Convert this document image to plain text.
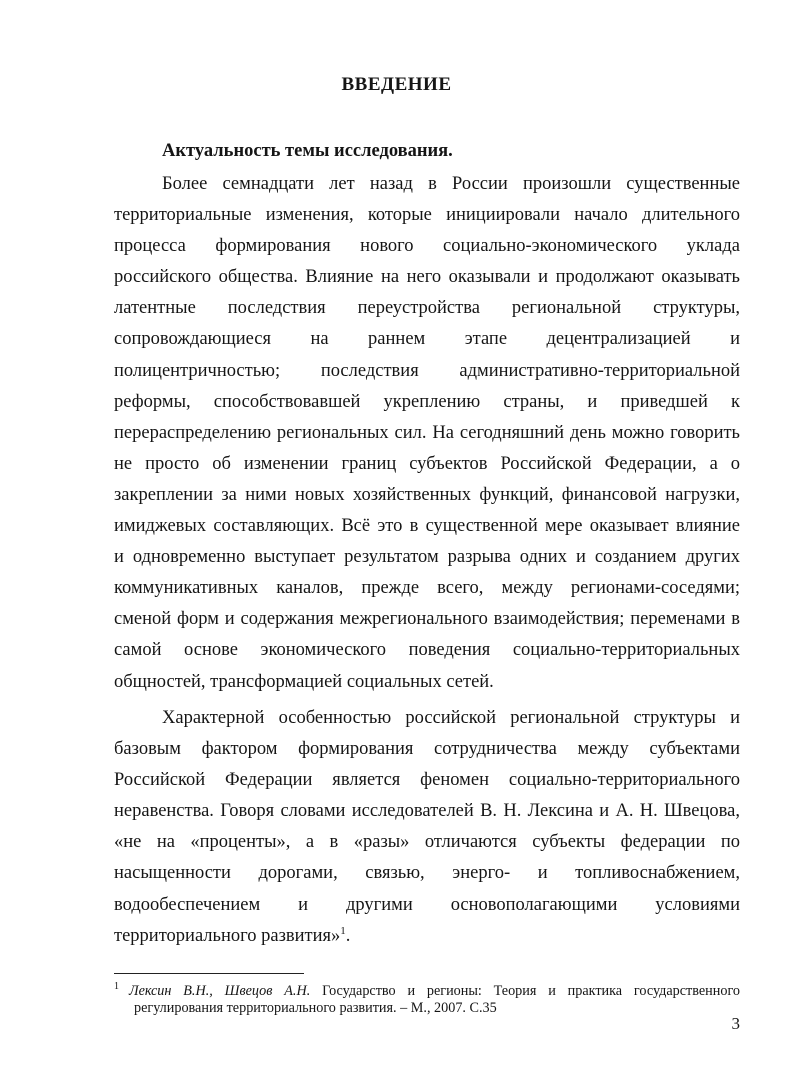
ВВЕДЕНИЕ
Актуальность темы исследования.
Более семнадцати лет назад в России произошли существенные
территориальные изменения, которые инициировали начало длительного
процесса формирования нового социально-экономического уклада
российского общества. Влияние на него оказывали и продолжают оказывать
латентные последствия переустройства региональной структуры,
сопровождающиеся на раннем этапе децентрализацией и
полицентричностью; последствия административно-территориальной
реформы, способствовавшей укреплению страны, и приведшей к
перераспределению региональных сил. На сегодняшний день можно говорить
не просто об изменении границ субъектов Российской Федерации, а о
закреплении за ними новых хозяйственных функций, финансовой нагрузки,
имиджевых составляющих. Всё это в существенной мере оказывает влияние
и одновременно выступает результатом разрыва одних и созданием других
коммуникативных каналов, прежде всего, между регионами-соседями;
сменой форм и содержания межрегионального взаимодействия; переменами в
самой основе экономического поведения социально-территориальных
общностей, трансформацией социальных сетей.
Характерной особенностью российской региональной структуры и
базовым фактором формирования сотрудничества между субъектами
Российской Федерации является феномен социально-территориального
неравенства. Говоря словами исследователей В. Н. Лексина и А. Н. Швецова,
«не на «проценты», а в «разы» отличаются субъекты федерации по
насыщенности дорогами, связью, энерго- и топливоснабжением,
водообеспечением и другими основополагающими условиями
территориального развития»$^1$.
$^1$ Лексин В.Н., Швецов А.Н. Государство и регионы: Теория и практика государственного
регулирования территориального развития. – М., 2007. С.35
3
